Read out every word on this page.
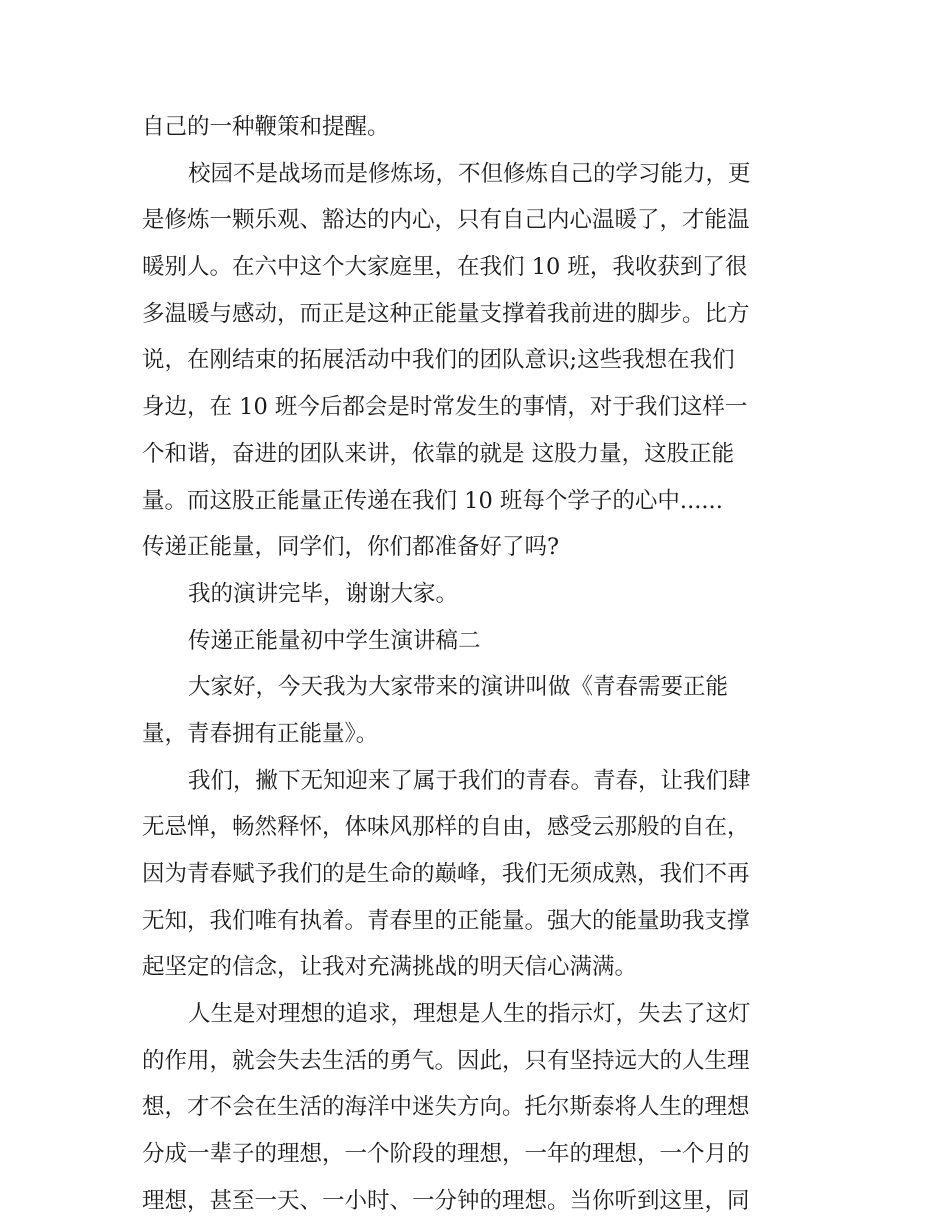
自己的一种鞭策和提醒。
校园不是战场而是修炼场，不但修炼自己的学习能力，更
是修炼一颗乐观、豁达的内心，只有自己内心温暖了，才能温
暖别人。在六中这个大家庭里，在我们 10 班，我收获到了很
多温暖与感动，而正是这种正能量支撑着我前进的脚步。比方
说，在刚结束的拓展活动中我们的团队意识;这些我想在我们
身边，在 10 班今后都会是时常发生的事情，对于我们这样一
个和谐，奋进的团队来讲，依靠的就是 这股力量，这股正能
量。而这股正能量正传递在我们 10 班每个学子的心中......
传递正能量，同学们，你们都准备好了吗?
我的演讲完毕，谢谢大家。
传递正能量初中学生演讲稿二
大家好，今天我为大家带来的演讲叫做《青春需要正能
量，青春拥有正能量》。
我们，撇下无知迎来了属于我们的青春。青春，让我们肆
无忌惮，畅然释怀，体味风那样的自由，感受云那般的自在，
因为青春赋予我们的是生命的巅峰，我们无须成熟，我们不再
无知，我们唯有执着。青春里的正能量。强大的能量助我支撑
起坚定的信念，让我对充满挑战的明天信心满满。
人生是对理想的追求，理想是人生的指示灯，失去了这灯
的作用，就会失去生活的勇气。因此，只有坚持远大的人生理
想，才不会在生活的海洋中迷失方向。托尔斯泰将人生的理想
分成一辈子的理想，一个阶段的理想，一年的理想，一个月的
理想，甚至一天、一小时、一分钟的理想。当你听到这里，同
